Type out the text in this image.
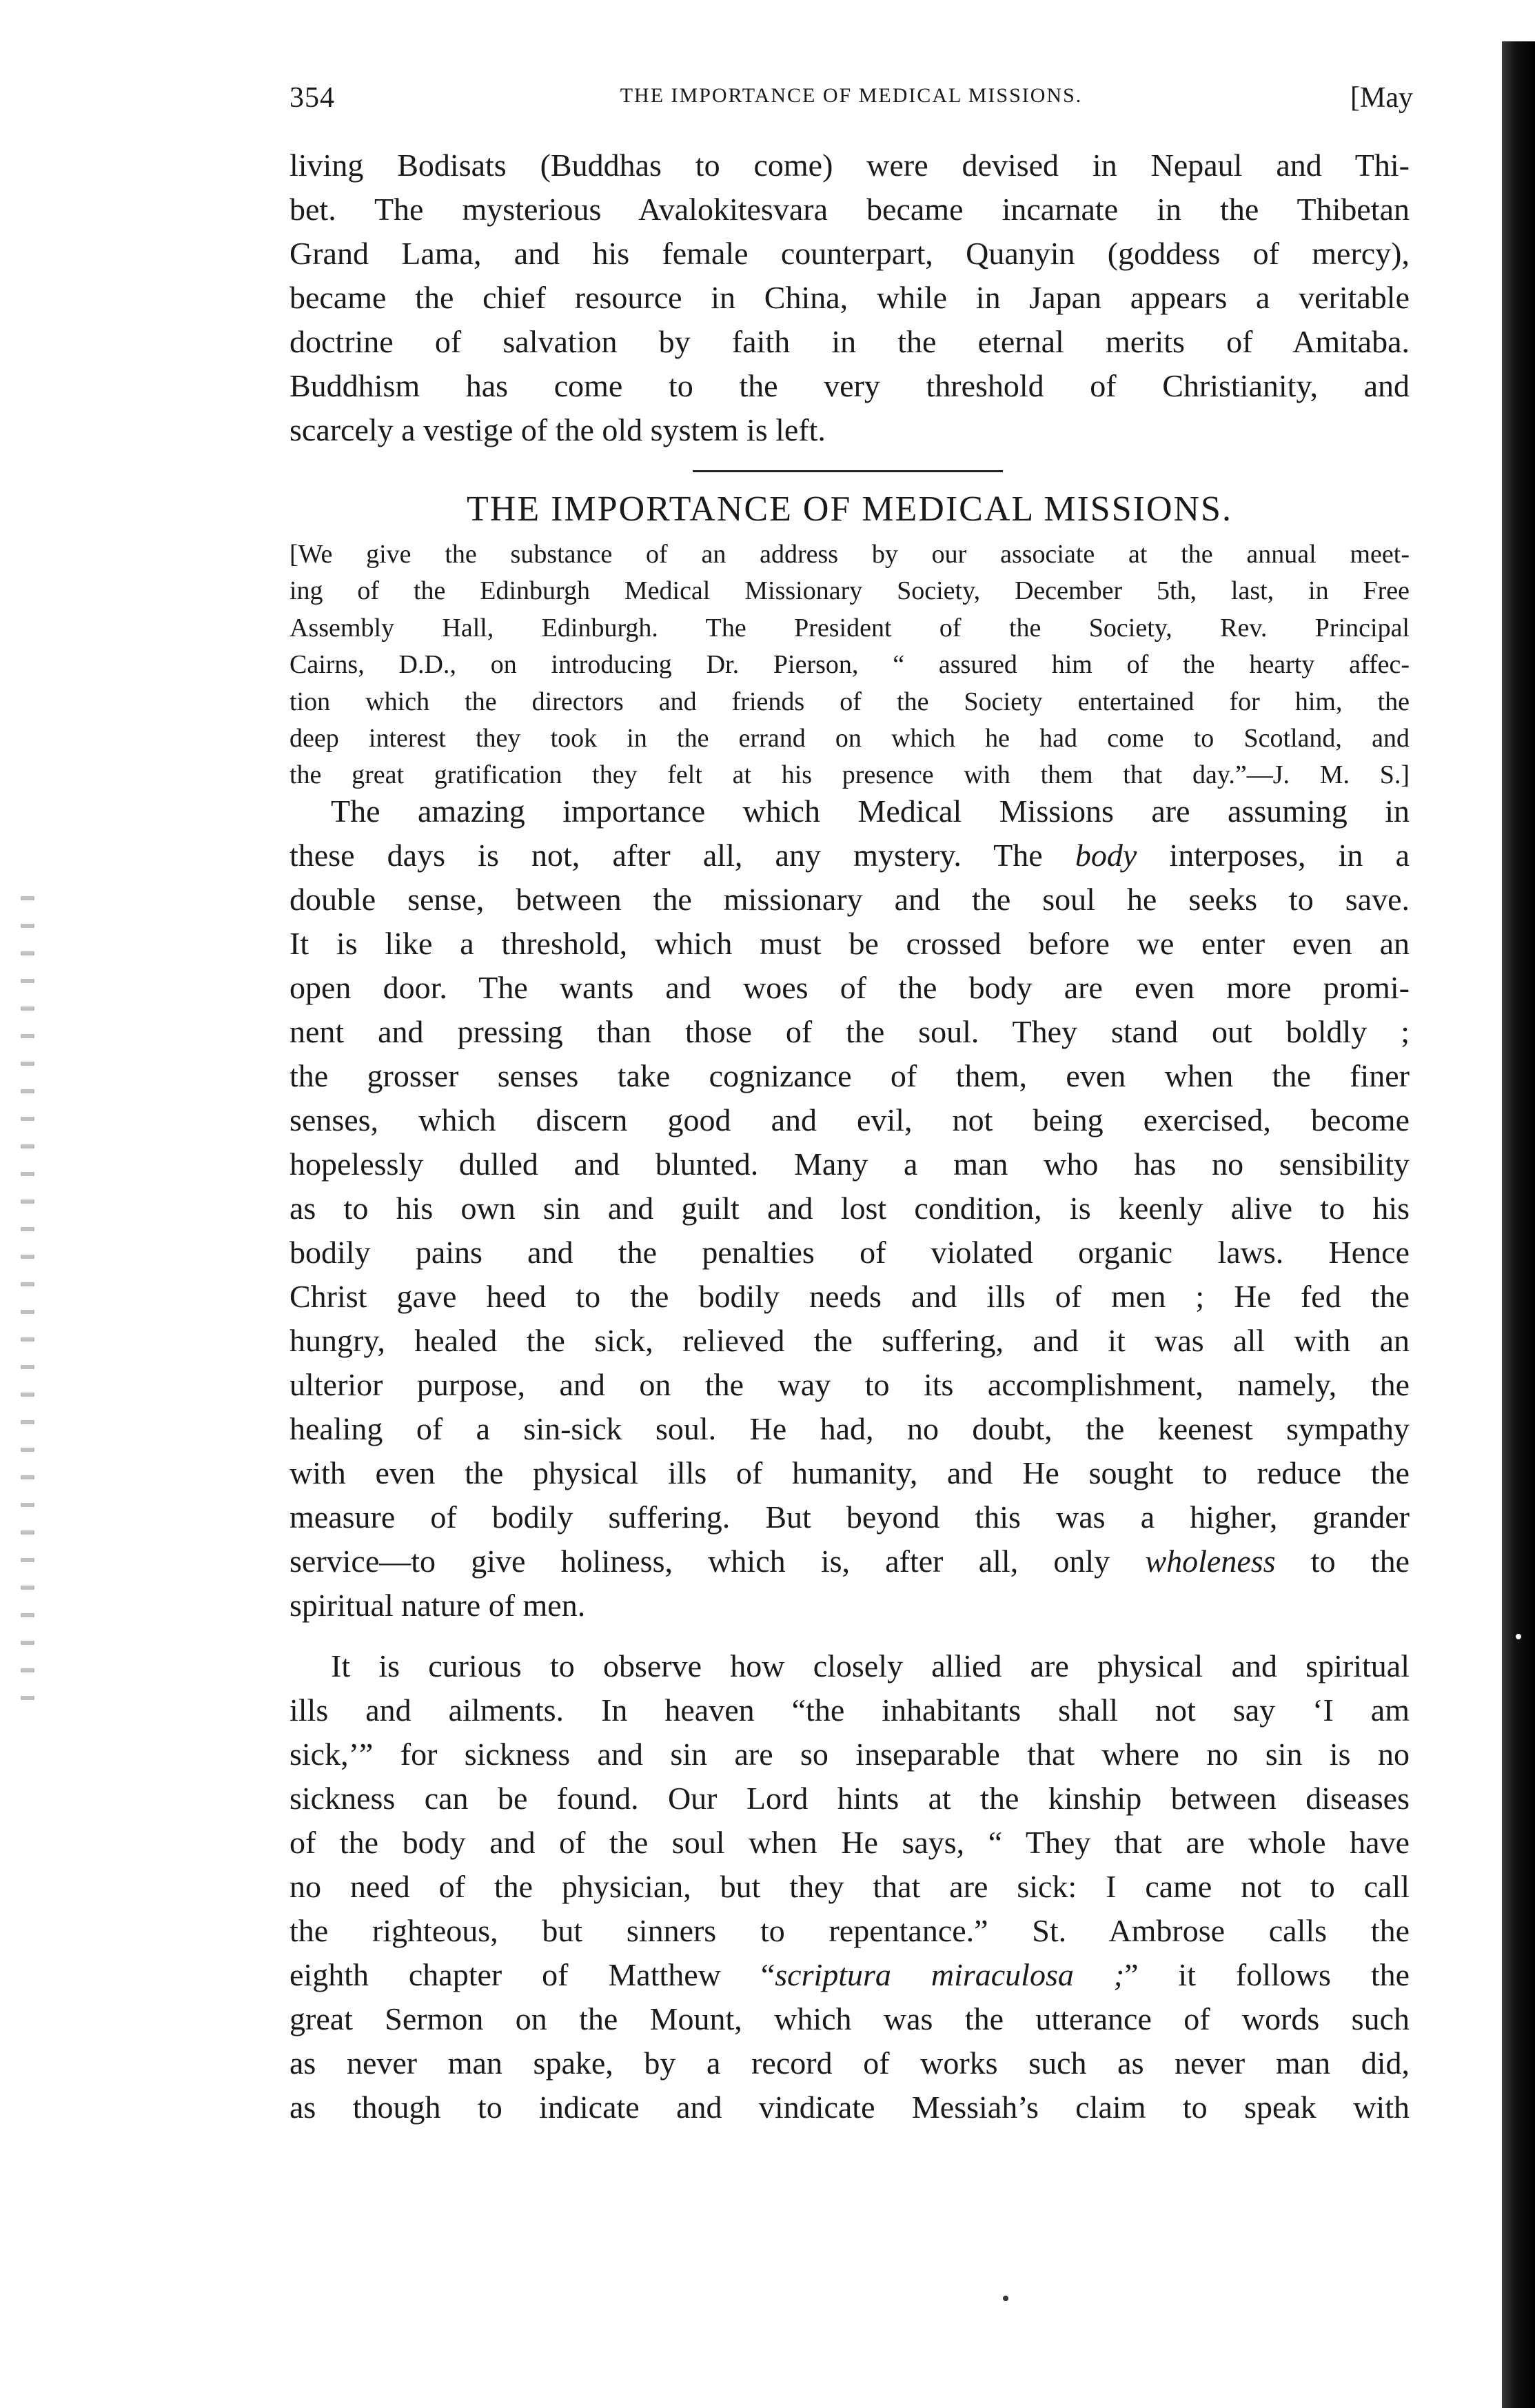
354	THE IMPORTANCE OF MEDICAL MISSIONS.	[May
living Bodisats (Buddhas to come) were devised in Nepaul and Thi-
bet. The mysterious Avalokitesvara became incarnate in the Thibetan
Grand Lama, and his female counterpart, Quanyin (goddess of mercy),
became the chief resource in China, while in Japan appears a veritable
doctrine of salvation by faith in the eternal merits of Amitaba.
Buddhism has come to the very threshold of Christianity, and
scarcely a vestige of the old system is left.
THE IMPORTANCE OF MEDICAL MISSIONS.
[We give the substance of an address by our associate at the annual meet-
ing of the Edinburgh Medical Missionary Society, December 5th, last, in Free
Assembly Hall, Edinburgh. The President of the Society, Rev. Principal
Cairns, D.D., on introducing Dr. Pierson, “ assured him of the hearty affec-
tion which the directors and friends of the Society entertained for him, the
deep interest they took in the errand on which he had come to Scotland, and
the great gratification they felt at his presence with them that day.”—J. M. S.]
The amazing importance which Medical Missions are assuming in
these days is not, after all, any mystery. The body interposes, in a
double sense, between the missionary and the soul he seeks to save.
It is like a threshold, which must be crossed before we enter even an
open door. The wants and woes of the body are even more promi-
nent and pressing than those of the soul. They stand out boldly ;
the grosser senses take cognizance of them, even when the finer
senses, which discern good and evil, not being exercised, become
hopelessly dulled and blunted. Many a man who has no sensibility
as to his own sin and guilt and lost condition, is keenly alive to his
bodily pains and the penalties of violated organic laws. Hence
Christ gave heed to the bodily needs and ills of men ; He fed the
hungry, healed the sick, relieved the suffering, and it was all with an
ulterior purpose, and on the way to its accomplishment, namely, the
healing of a sin-sick soul. He had, no doubt, the keenest sympathy
with even the physical ills of humanity, and He sought to reduce the
measure of bodily suffering. But beyond this was a higher, grander
service—to give holiness, which is, after all, only wholeness to the
spiritual nature of men.
It is curious to observe how closely allied are physical and spiritual
ills and ailments. In heaven “the inhabitants shall not say ‘I am
sick,’” for sickness and sin are so inseparable that where no sin is no
sickness can be found. Our Lord hints at the kinship between diseases
of the body and of the soul when He says, “ They that are whole have
no need of the physician, but they that are sick: I came not to call
the righteous, but sinners to repentance.” St. Ambrose calls the
eighth chapter of Matthew “scriptura miraculosa ;” it follows the
great Sermon on the Mount, which was the utterance of words such
as never man spake, by a record of works such as never man did,
as though to indicate and vindicate Messiah’s claim to speak with
